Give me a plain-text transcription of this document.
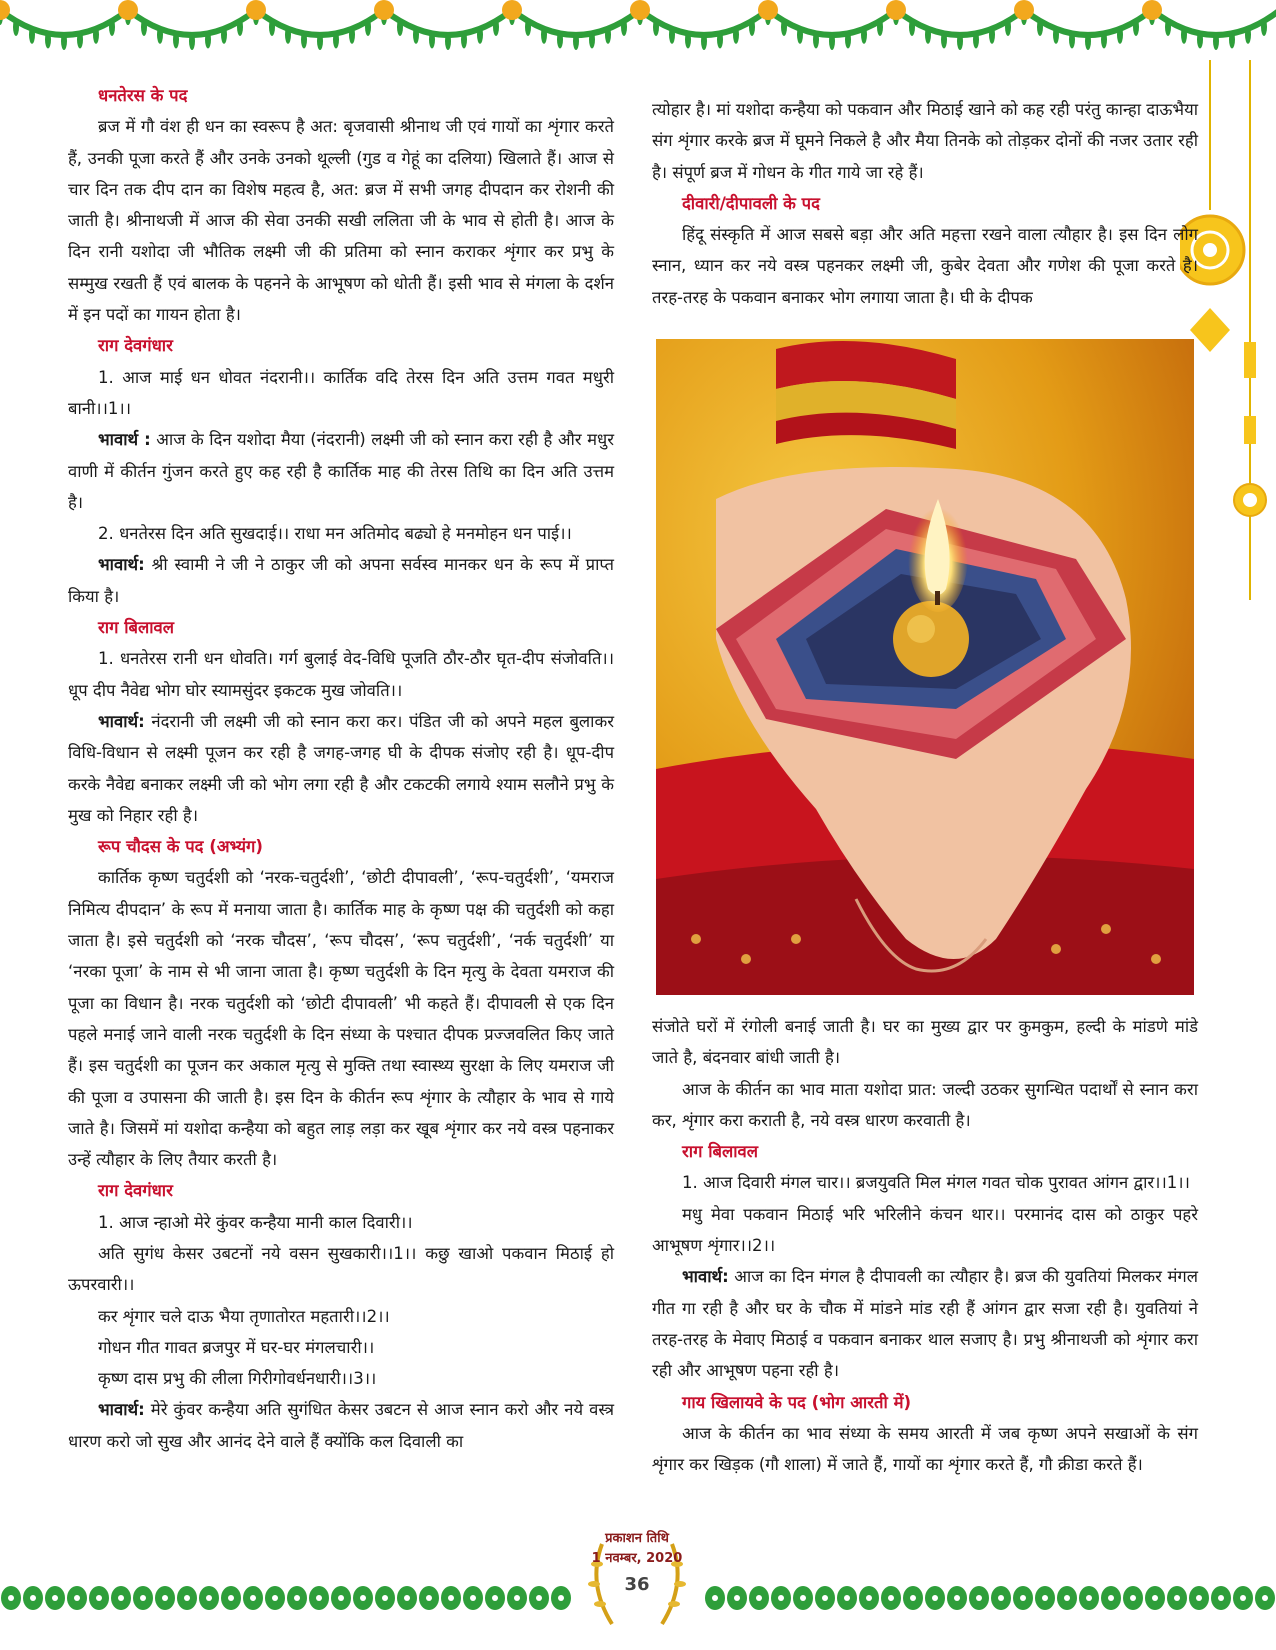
धनतेरस के पद
ब्रज में गौ वंश ही धन का स्वरूप है अत: बृजवासी श्रीनाथ जी एवं गायों का शृंगार करते हैं, उनकी पूजा करते हैं और उनके उनको थूल्ली (गुड व गेहूं का दलिया) खिलाते हैं। आज से चार दिन तक दीप दान का विशेष महत्व है, अत: ब्रज में सभी जगह दीपदान कर रोशनी की जाती है। श्रीनाथजी में आज की सेवा उनकी सखी ललिता जी के भाव से होती है। आज के दिन रानी यशोदा जी भौतिक लक्ष्मी जी की प्रतिमा को स्नान कराकर शृंगार कर प्रभु के सम्मुख रखती हैं एवं बालक के पहनने के आभूषण को धोती हैं। इसी भाव से मंगला के दर्शन में इन पदों का गायन होता है।
राग देवगंधार
1. आज माई धन धोवत नंदरानी।। कार्तिक वदि तेरस दिन अति उत्तम गवत मधुरी बानी।।1।।
भावार्थ : आज के दिन यशोदा मैया (नंदरानी) लक्ष्मी जी को स्नान करा रही है और मधुर वाणी में कीर्तन गुंजन करते हुए कह रही है कार्तिक माह की तेरस तिथि का दिन अति उत्तम है।
2. धनतेरस दिन अति सुखदाई।। राधा मन अतिमोद बढ्यो हे मनमोहन धन पाई।।
भावार्थ: श्री स्वामी ने जी ने ठाकुर जी को अपना सर्वस्व मानकर धन के रूप में प्राप्त किया है।
राग बिलावल
1. धनतेरस रानी धन धोवति। गर्ग बुलाई वेद-विधि पूजति ठौर-ठौर घृत-दीप संजोवति।। धूप दीप नैवेद्य भोग घोर स्यामसुंदर इकटक मुख जोवति।।
भावार्थ: नंदरानी जी लक्ष्मी जी को स्नान करा कर। पंडित जी को अपने महल बुलाकर विधि-विधान से लक्ष्मी पूजन कर रही है जगह-जगह घी के दीपक संजोए रही है। धूप-दीप करके नैवेद्य बनाकर लक्ष्मी जी को भोग लगा रही है और टकटकी लगाये श्याम सलौने प्रभु के मुख को निहार रही है।
रूप चौदस के पद (अभ्यंग)
कार्तिक कृष्ण चतुर्दशी को ‘नरक-चतुर्दशी’, ‘छोटी दीपावली’, ‘रूप-चतुर्दशी’, ‘यमराज निमित्य दीपदान’ के रूप में मनाया जाता है। कार्तिक माह के कृष्ण पक्ष की चतुर्दशी को कहा जाता है। इसे चतुर्दशी को ‘नरक चौदस’, ‘रूप चौदस’, ‘रूप चतुर्दशी’, ‘नर्क चतुर्दशी’ या ‘नरका पूजा’ के नाम से भी जाना जाता है। कृष्ण चतुर्दशी के दिन मृत्यु के देवता यमराज की पूजा का विधान है। नरक चतुर्दशी को ‘छोटी दीपावली’ भी कहते हैं। दीपावली से एक दिन पहले मनाई जाने वाली नरक चतुर्दशी के दिन संध्या के पश्चात दीपक प्रज्जवलित किए जाते हैं। इस चतुर्दशी का पूजन कर अकाल मृत्यु से मुक्ति तथा स्वास्थ्य सुरक्षा के लिए यमराज जी की पूजा व उपासना की जाती है। इस दिन के कीर्तन रूप शृंगार के त्यौहार के भाव से गाये जाते है। जिसमें मां यशोदा कन्हैया को बहुत लाड़ लड़ा कर खूब शृंगार कर नये वस्त्र पहनाकर उन्हें त्यौहार के लिए तैयार करती है।
राग देवगंधार
1. आज न्हाओ मेरे कुंवर कन्हैया मानी काल दिवारी।।
अति सुगंध केसर उबटनों नये वसन सुखकारी।।1।। कछु खाओ पकवान मिठाई हो ऊपरवारी।।
कर शृंगार चले दाऊ भैया तृणातोरत महतारी।।2।।
गोधन गीत गावत ब्रजपुर में घर-घर मंगलचारी।।
कृष्ण दास प्रभु की लीला गिरीगोवर्धनधारी।।3।।
भावार्थ: मेरे कुंवर कन्हैया अति सुगंधित केसर उबटन से आज स्नान करो और नये वस्त्र धारण करो जो सुख और आनंद देने वाले हैं क्योंकि कल दिवाली का
त्योहार है। मां यशोदा कन्हैया को पकवान और मिठाई खाने को कह रही परंतु कान्हा दाऊभैया संग शृंगार करके ब्रज में घूमने निकले है और मैया तिनके को तोड़कर दोनों की नजर उतार रही है। संपूर्ण ब्रज में गोधन के गीत गाये जा रहे हैं।
दीवारी/दीपावली के पद
हिंदू संस्कृति में आज सबसे बड़ा और अति महत्ता रखने वाला त्यौहार है। इस दिन लोग स्नान, ध्यान कर नये वस्त्र पहनकर लक्ष्मी जी, कुबेर देवता और गणेश की पूजा करते है। तरह-तरह के पकवान बनाकर भोग लगाया जाता है। घी के दीपक
संजोते घरों में रंगोली बनाई जाती है। घर का मुख्य द्वार पर कुमकुम, हल्दी के मांडणे मांडे जाते है, बंदनवार बांधी जाती है।
आज के कीर्तन का भाव माता यशोदा प्रात: जल्दी उठकर सुगन्धित पदार्थों से स्नान करा कर, शृंगार करा कराती है, नये वस्त्र धारण करवाती है।
राग बिलावल
1. आज दिवारी मंगल चार।। ब्रजयुवति मिल मंगल गवत चोक पुरावत आंगन द्वार।।1।।
मधु मेवा पकवान मिठाई भरि भरिलीने कंचन थार।। परमानंद दास को ठाकुर पहरे आभूषण शृंगार।।2।।
भावार्थ: आज का दिन मंगल है दीपावली का त्यौहार है। ब्रज की युवतियां मिलकर मंगल गीत गा रही है और घर के चौक में मांडने मांड रही हैं आंगन द्वार सजा रही है। युवतियां ने तरह-तरह के मेवाए मिठाई व पकवान बनाकर थाल सजाए है। प्रभु श्रीनाथजी को शृंगार करा रही और आभूषण पहना रही है।
गाय खिलायवे के पद (भोग आरती में)
आज के कीर्तन का भाव संध्या के समय आरती में जब कृष्ण अपने सखाओं के संग शृंगार कर खिड़क (गौ शाला) में जाते हैं, गायों का शृंगार करते हैं, गौ क्रीडा करते हैं।
प्रकाशन तिथि
1 नवम्बर, 2020
36
